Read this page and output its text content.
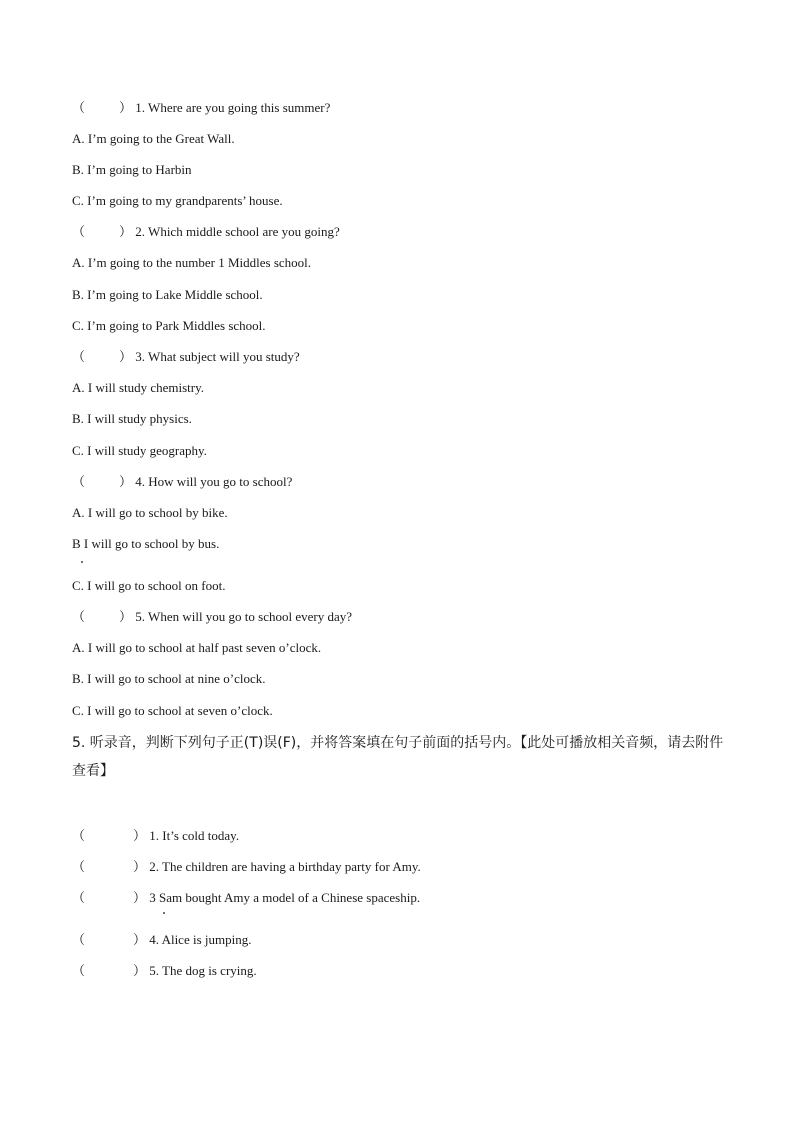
（	） 1. Where are you going this summer?
A. I’m going to the Great Wall.
B. I’m going to Harbin
C. I’m going to my grandparents’ house.
（	） 2. Which middle school are you going?
A. I’m going to the number 1 Middles school.
B. I’m going to Lake Middle school.
C. I’m going to Park Middles school.
（	） 3. What subject will you study?
A. I will study chemistry.
B. I will study physics.
C. I will study geography.
（	） 4. How will you go to school?
A. I will go to school by bike.
B I will go to school by bus.
C. I will go to school on foot.
（	） 5. When will you go to school every day?
A. I will go to school at half past seven o’clock.
B. I will go to school at nine o’clock.
C. I will go to school at seven o’clock.
5. 听录音，判断下列句子正(T)误(F)，并将答案填在句子前面的括号内。【此处可播放相关音频，请去附件查看】
（	） 1. It’s cold today.
（	） 2. The children are having a birthday party for Amy.
（	） 3 Sam bought Amy a model of a Chinese spaceship.
（	） 4. Alice is jumping.
（	） 5. The dog is crying.
